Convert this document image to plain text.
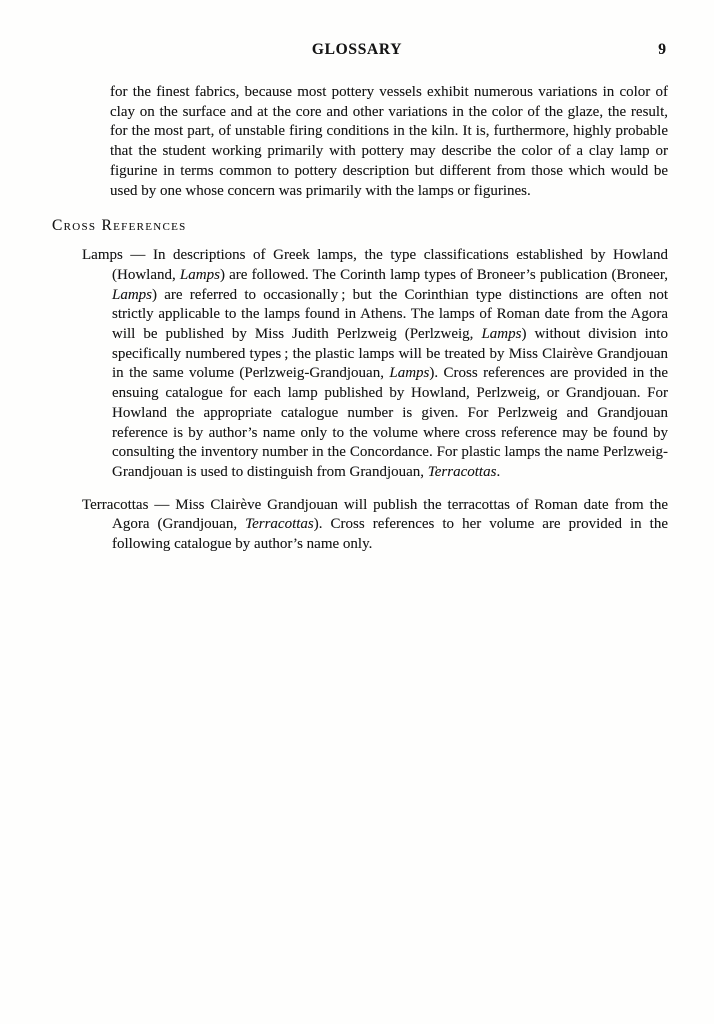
GLOSSARY	9

for the finest fabrics, because most pottery vessels exhibit numerous variations in color of clay on the surface and at the core and other variations in the color of the glaze, the result, for the most part, of unstable firing conditions in the kiln. It is, furthermore, highly probable that the student working primarily with pottery may describe the color of a clay lamp or figurine in terms common to pottery description but different from those which would be used by one whose concern was primarily with the lamps or figurines.

Cross References

Lamps — In descriptions of Greek lamps, the type classifications established by Howland (Howland, Lamps) are followed. The Corinth lamp types of Broneer’s publication (Broneer, Lamps) are referred to occasionally ; but the Corinthian type distinctions are often not strictly applicable to the lamps found in Athens. The lamps of Roman date from the Agora will be published by Miss Judith Perlzweig (Perlzweig, Lamps) without division into specifically numbered types ; the plastic lamps will be treated by Miss Clairève Grandjouan in the same volume (Perlzweig-Grandjouan, Lamps). Cross references are provided in the ensuing catalogue for each lamp published by Howland, Perlzweig, or Grandjouan. For Howland the appropriate catalogue number is given. For Perlzweig and Grandjouan reference is by author’s name only to the volume where cross reference may be found by consulting the inventory number in the Concordance. For plastic lamps the name Perlzweig-Grandjouan is used to distinguish from Grandjouan, Terracottas.

Terracottas — Miss Clairève Grandjouan will publish the terracottas of Roman date from the Agora (Grandjouan, Terracottas). Cross references to her volume are provided in the following catalogue by author’s name only.
